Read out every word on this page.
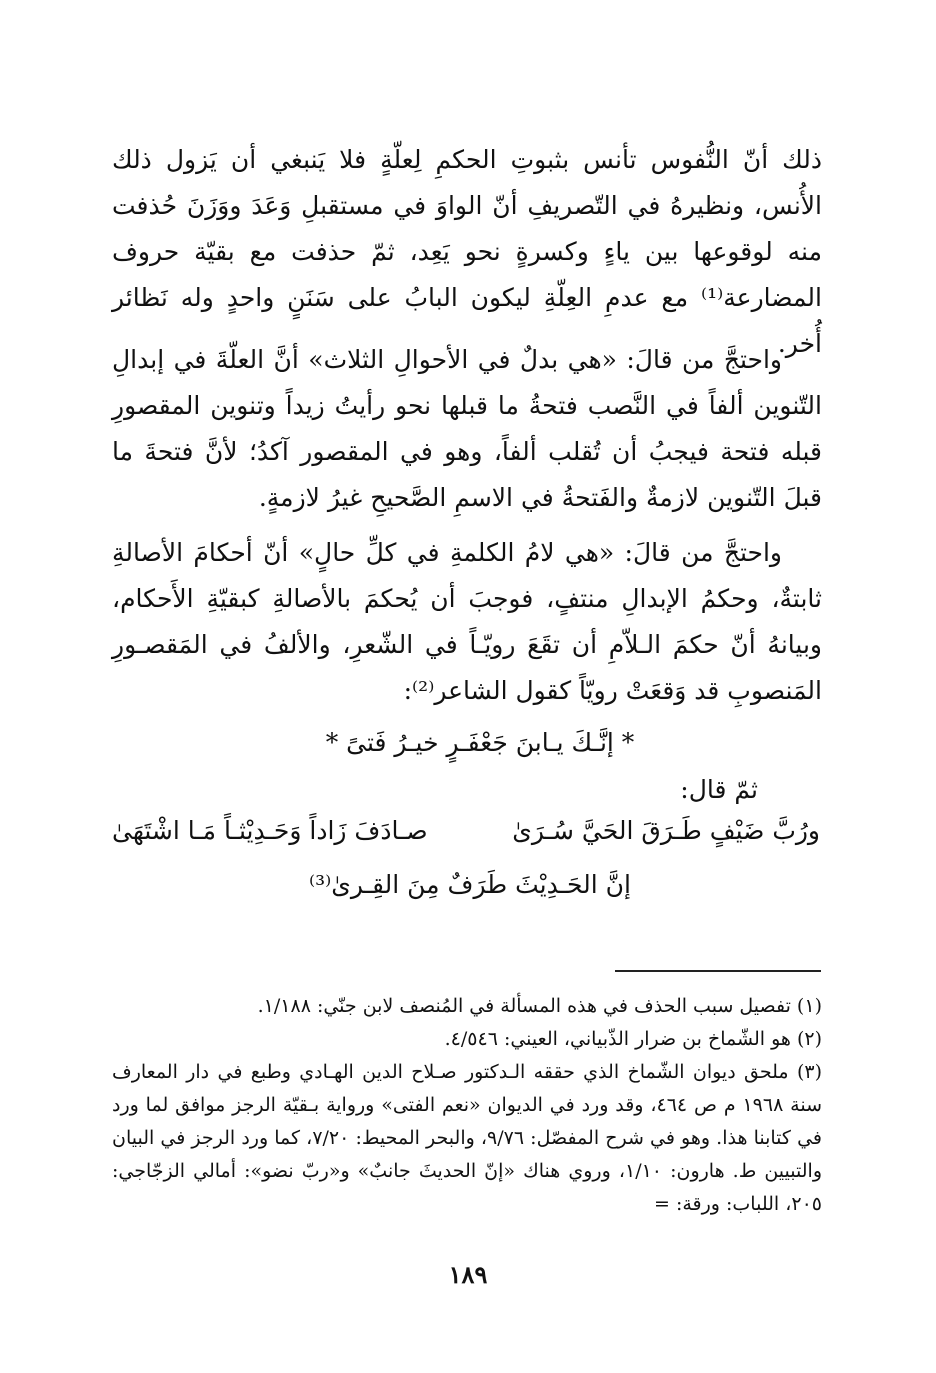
ذلك أنّ النُّفوس تأنس بثبوتِ الحكمِ لِعلّةٍ فلا يَنبغي أن يَزول ذلك الأُنس، ونظيرهُ في التّصريفِ أنّ الواوَ في مستقبلِ وَعَدَ ووَزَنَ حُذفت منه لوقوعها بين ياءٍ وكسرةٍ نحو يَعِد، ثمّ حذفت مع بقيّة حروف المضارعة⁽¹⁾ مع عدمِ العِلّةِ ليكون البابُ على سَنَنٍ واحدٍ وله نَظائر أُخر.

واحتجَّ من قالَ: «هي بدلٌ في الأحوالِ الثلاث» أنَّ العلّةَ في إبدالِ التّنوين ألفاً في النَّصب فتحةُ ما قبلها نحو رأيتُ زيداً وتنوين المقصورِ قبله فتحة فيجبُ أن تُقلب ألفاً، وهو في المقصور آكدُ؛ لأنَّ فتحةَ ما قبلَ التّنوين لازمةٌ والفَتحةُ في الاسمِ الصَّحيحِ غيرُ لازمةٍ.

واحتجَّ من قالَ: «هي لامُ الكلمةِ في كلِّ حالٍ» أنّ أحكامَ الأصالةِ ثابتةٌ، وحكمُ الإبدالِ منتفٍ، فوجبَ أن يُحكمَ بالأصالةِ كبقيّةِ الأَحكام، وبيانهُ أنّ حكمَ الـلاّمِ أن تقَعَ رويّـاً في الشّعرِ، والألفُ في المَقصـورِ المَنصوبِ قد وَقعَتْ رويّاً كقول الشاعر⁽²⁾:

* إنَّـكَ يـابنَ جَعْفَـرٍ خيـرُ فَتىً *
ثمّ قال:
ورُبَّ ضَيْفٍ طَـرَقَ الحَيَّ سُـرَىٰ
صـادَفَ زَاداً وَحَـدِيْثـاً مَـا اشْتَهَىٰ
إنَّ الحَـدِيْثَ طَرَفٌ مِنَ القِـرىٰ⁽³⁾

(١) تفصيل سبب الحذف في هذه المسألة في المُنصف لابن جنّي: ١/١٨٨.

(٢) هو الشّماخ بن ضرار الذّبياني، العيني: ٤/٥٤٦.

(٣) ملحق ديوان الشّماخ الذي حققه الـدكتور صـلاح الدين الهـادي وطبع في دار المعارف سنة ١٩٦٨ م ص ٤٦٤، وقد ورد في الديوان «نعم الفتى» ورواية بـقيّة الرجز موافق لما ورد في كتابنا هذا. وهو في شرح المفصّل: ٩/٧٦، والبحر المحيط: ٧/٢٠، كما ورد الرجز في البيان والتبيين ط. هارون: ١/١٠، وروي هناك «إنّ الحديثَ جانبٌ» و«ربّ نضو»: أمالي الزجّاجي: ٢٠٥، اللباب: ورقة: =

١٨٩
